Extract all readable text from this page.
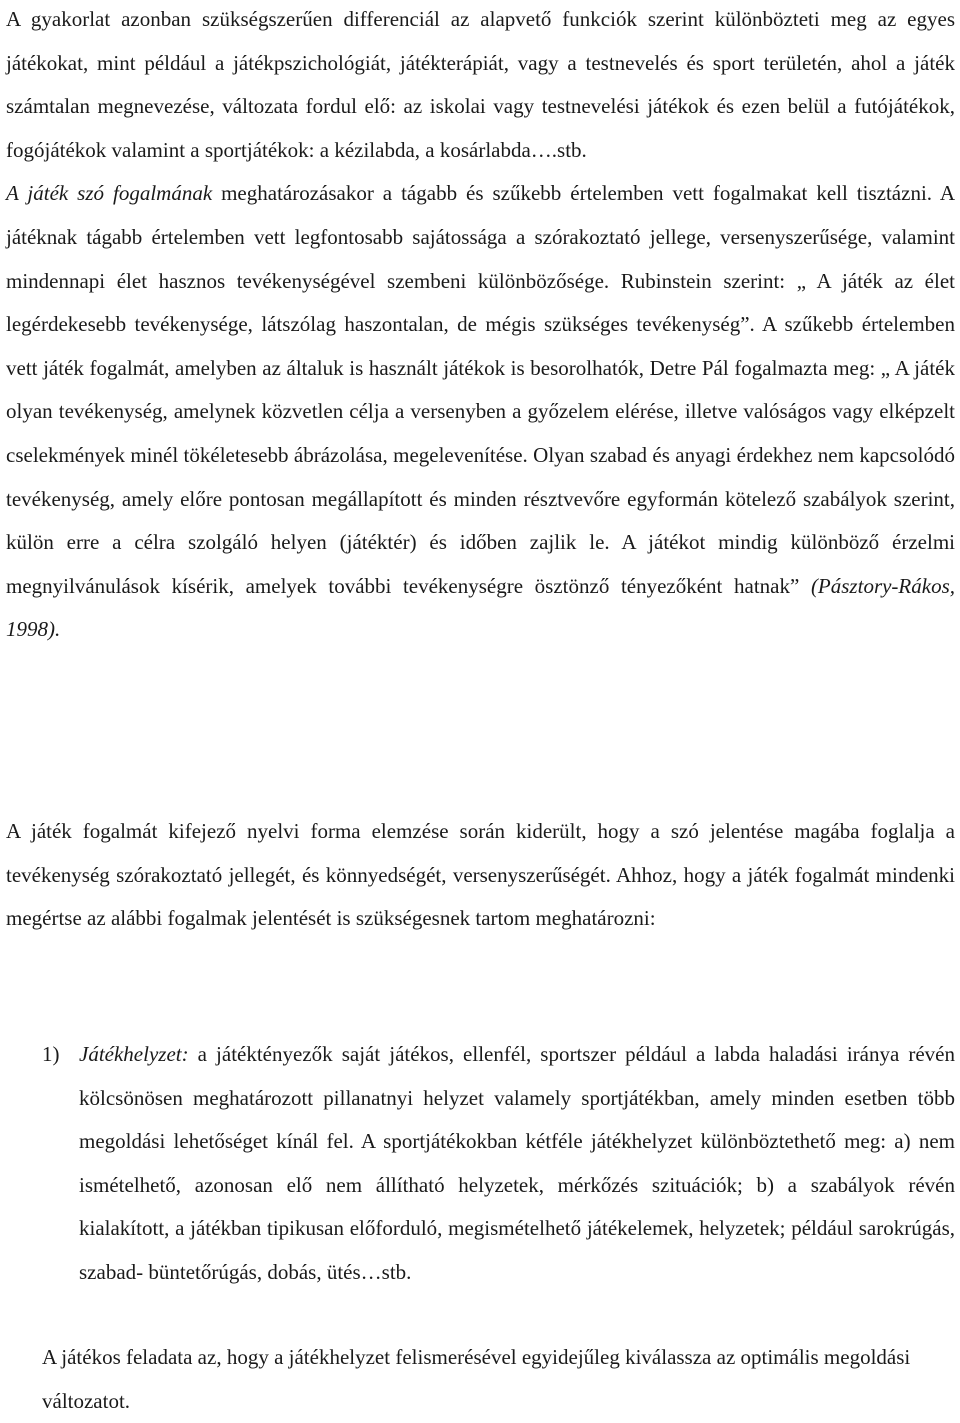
A gyakorlat azonban szükségszerűen differenciál az alapvető funkciók szerint különbözteti meg az egyes játékokat, mint például a játékpszichológiát, játékterápiát, vagy a testnevelés és sport területén, ahol a játék számtalan megnevezése, változata fordul elő: az iskolai vagy testnevelési játékok és ezen belül a futójátékok, fogójátékok valamint a sportjátékok: a kézilabda, a kosárlabda….stb.
A játék szó fogalmának meghatározásakor a tágabb és szűkebb értelemben vett fogalmakat kell tisztázni. A játéknak tágabb értelemben vett legfontosabb sajátossága a szórakoztató jellege, versenyszerűsége, valamint mindennapi élet hasznos tevékenységével szembeni különbözősége. Rubinstein szerint: „ A játék az élet legérdekesebb tevékenysége, látszólag haszontalan, de mégis szükséges tevékenység”. A szűkebb értelemben vett játék fogalmát, amelyben az általuk is használt játékok is besorolhatók, Detre Pál fogalmazta meg: „ A játék olyan tevékenység, amelynek közvetlen célja a versenyben a győzelem elérése, illetve valóságos vagy elképzelt cselekmények minél tökéletesebb ábrázolása, megelevenítése. Olyan szabad és anyagi érdekhez nem kapcsolódó tevékenység, amely előre pontosan megállapított és minden résztvevőre egyformán kötelező szabályok szerint, külön erre a célra szolgáló helyen (játéktér) és időben zajlik le. A játékot mindig különböző érzelmi megnyilvánulások kísérik, amelyek további tevékenységre ösztönző tényezőként hatnak” (Pásztory-Rákos, 1998).

A játék fogalmát kifejező nyelvi forma elemzése során kiderült, hogy a szó jelentése magába foglalja a tevékenység szórakoztató jellegét, és könnyedségét, versenyszerűségét. Ahhoz, hogy a játék fogalmát mindenki megértse az alábbi fogalmak jelentését is szükségesnek tartom meghatározni:

1) Játékhelyzet: a játéktényezők saját játékos, ellenfél, sportszer például a labda haladási iránya révén kölcsönösen meghatározott pillanatnyi helyzet valamely sportjátékban, amely minden esetben több megoldási lehetőséget kínál fel. A sportjátékokban kétféle játékhelyzet különböztethető meg: a) nem ismételhető, azonosan elő nem állítható helyzetek, mérkőzés szituációk; b) a szabályok révén kialakított, a játékban tipikusan előforduló, megismételhető játékelemek, helyzetek; például sarokrúgás, szabad- büntetőrúgás, dobás, ütés…stb.

A játékos feladata az, hogy a játékhelyzet felismerésével egyidejűleg kiválassza az optimális megoldási változatot.
